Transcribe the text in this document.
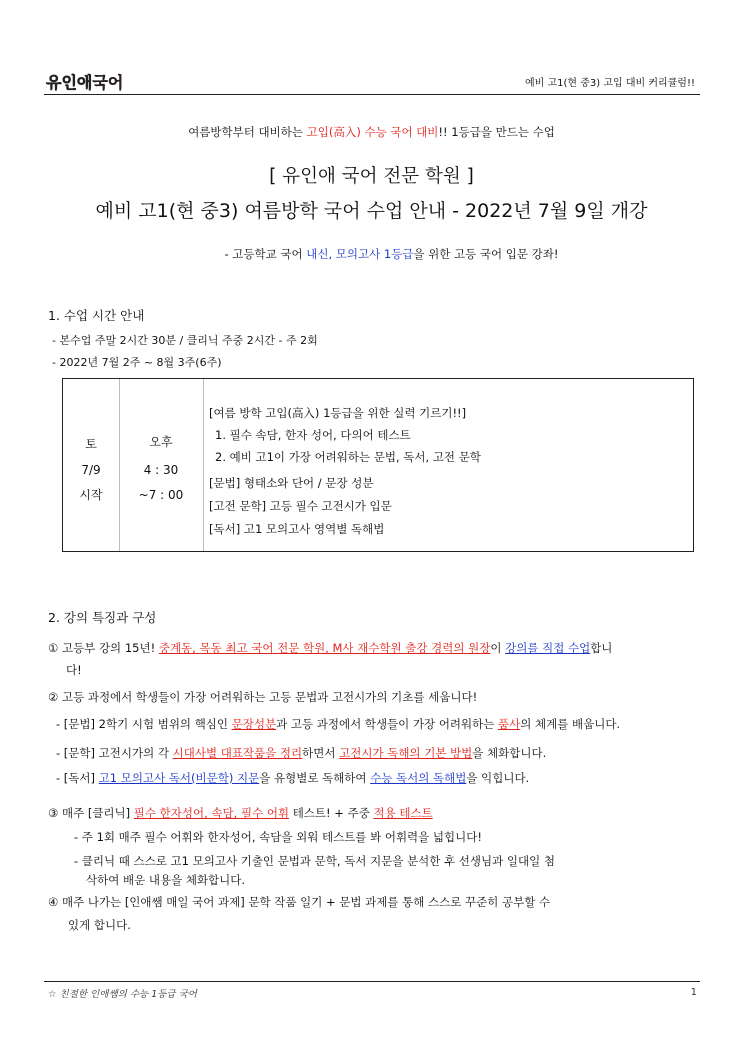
유인애국어	예비 고1(현 중3) 고입 대비 커리큘럼!!
여름방학부터 대비하는 고입(高入) 수능 국어 대비!! 1등급을 만드는 수업
[ 유인애 국어 전문 학원 ]
예비 고1(현 중3) 여름방학 국어 수업 안내 - 2022년 7월 9일 개강
- 고등학교 국어 내신, 모의고사 1등급을 위한 고등 국어 입문 강좌!
1. 수업 시간 안내
- 본수업 주말 2시간 30분 / 클리닉 주중 2시간 - 주 2회
- 2022년 7월 2주 ~ 8월 3주(6주)
토
7/9
시작
오후
4 : 30
~7 : 00
[여름 방학 고입(高入) 1등급을 위한 실력 기르기!!]
1. 필수 속담, 한자 성어, 다의어 테스트
2. 예비 고1이 가장 어려워하는 문법, 독서, 고전 문학
[문법] 형태소와 단어 / 문장 성분
[고전 문학] 고등 필수 고전시가 입문
[독서] 고1 모의고사 영역별 독해법
2. 강의 특징과 구성
① 고등부 강의 15년! 중계동, 목동 최고 국어 전문 학원, M사 재수학원 출강 경력의 원장이 강의를 직접 수업합니
다!
② 고등 과정에서 학생들이 가장 어려워하는 고등 문법과 고전시가의 기초를 세웁니다!
- [문법] 2학기 시험 범위의 핵심인 문장성분과 고등 과정에서 학생들이 가장 어려워하는 품사의 체계를 배웁니다.
- [문학] 고전시가의 각 시대사별 대표작품을 정리하면서 고전시가 독해의 기본 방법을 체화합니다.
- [독서] 고1 모의고사 독서(비문학) 지문을 유형별로 독해하여 수능 독서의 독해법을 익힙니다.
③ 매주 [클리닉] 필수 한자성어, 속담, 필수 어휘 테스트! + 주중 적용 테스트
- 주 1회 매주 필수 어휘와 한자성어, 속담을 외워 테스트를 봐 어휘력을 넓힙니다!
- 클리닉 때 스스로 고1 모의고사 기출인 문법과 문학, 독서 지문을 분석한 후 선생님과 일대일 첨
삭하여 배운 내용을 체화합니다.
④ 매주 나가는 [인애쌤 매일 국어 과제] 문학 작품 일기 + 문법 과제를 통해 스스로 꾸준히 공부할 수
있게 합니다.
☆ 친절한 인애쌤의 수능 1등급 국어	1
